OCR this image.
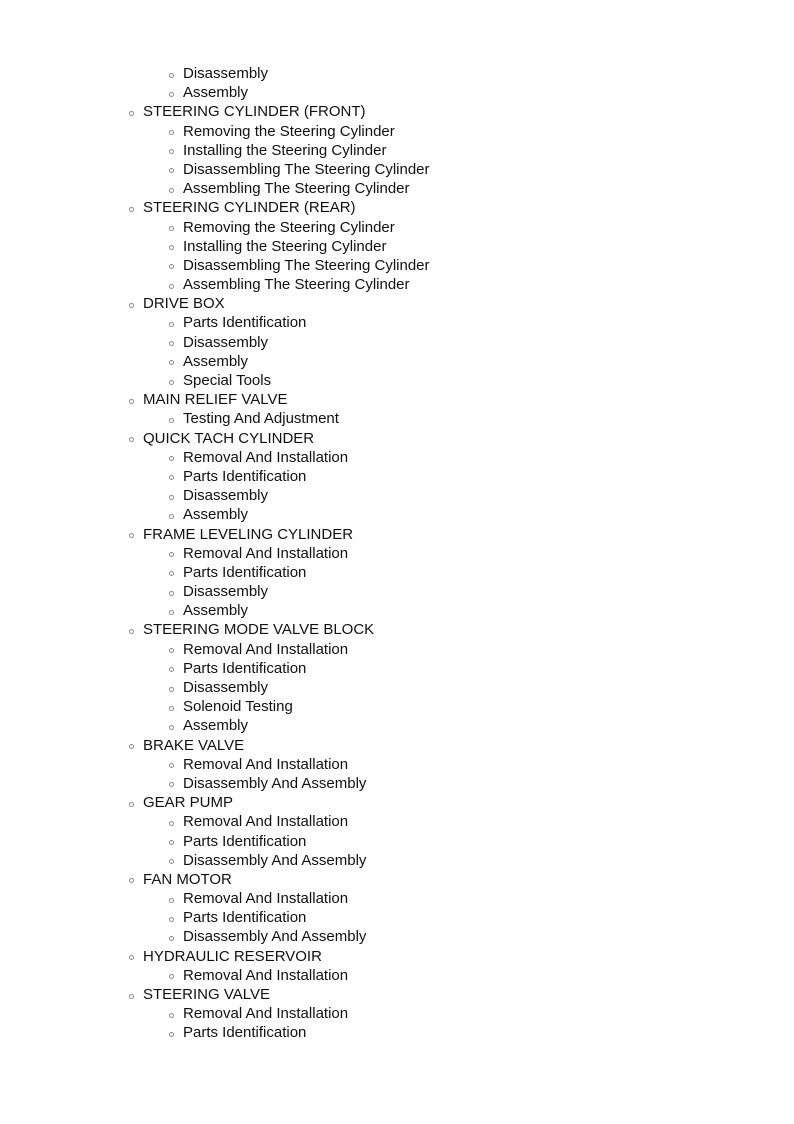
Disassembly
Assembly
STEERING CYLINDER (FRONT)
Removing the Steering Cylinder
Installing the Steering Cylinder
Disassembling The Steering Cylinder
Assembling The Steering Cylinder
STEERING CYLINDER (REAR)
Removing the Steering Cylinder
Installing the Steering Cylinder
Disassembling The Steering Cylinder
Assembling The Steering Cylinder
DRIVE BOX
Parts Identification
Disassembly
Assembly
Special Tools
MAIN RELIEF VALVE
Testing And Adjustment
QUICK TACH CYLINDER
Removal And Installation
Parts Identification
Disassembly
Assembly
FRAME LEVELING CYLINDER
Removal And Installation
Parts Identification
Disassembly
Assembly
STEERING MODE VALVE BLOCK
Removal And Installation
Parts Identification
Disassembly
Solenoid Testing
Assembly
BRAKE VALVE
Removal And Installation
Disassembly And Assembly
GEAR PUMP
Removal And Installation
Parts Identification
Disassembly And Assembly
FAN MOTOR
Removal And Installation
Parts Identification
Disassembly And Assembly
HYDRAULIC RESERVOIR
Removal And Installation
STEERING VALVE
Removal And Installation
Parts Identification
